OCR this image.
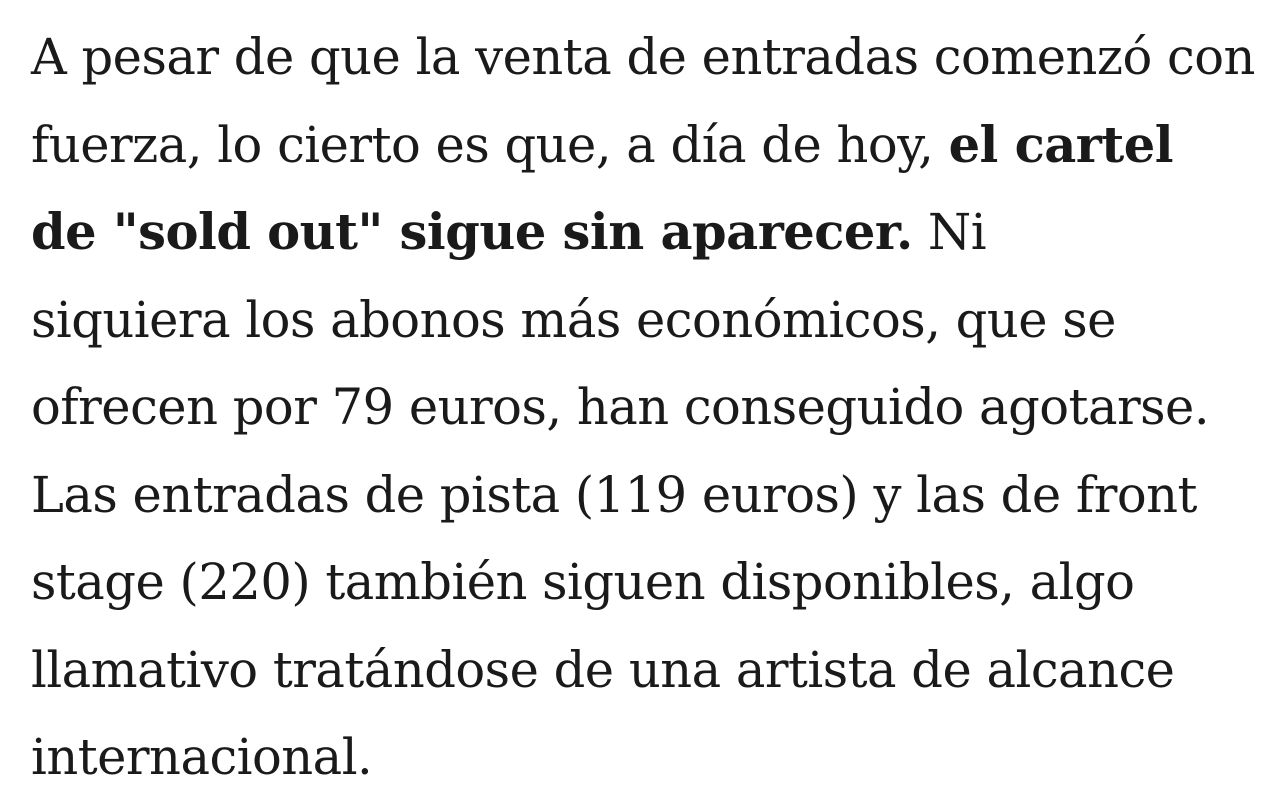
A pesar de que la venta de entradas comenzó con
fuerza, lo cierto es que, a día de hoy, el cartel
de "sold out" sigue sin aparecer. Ni
siquiera los abonos más económicos, que se
ofrecen por 79 euros, han conseguido agotarse.
Las entradas de pista (119 euros) y las de front
stage (220) también siguen disponibles, algo
llamativo tratándose de una artista de alcance
internacional.
